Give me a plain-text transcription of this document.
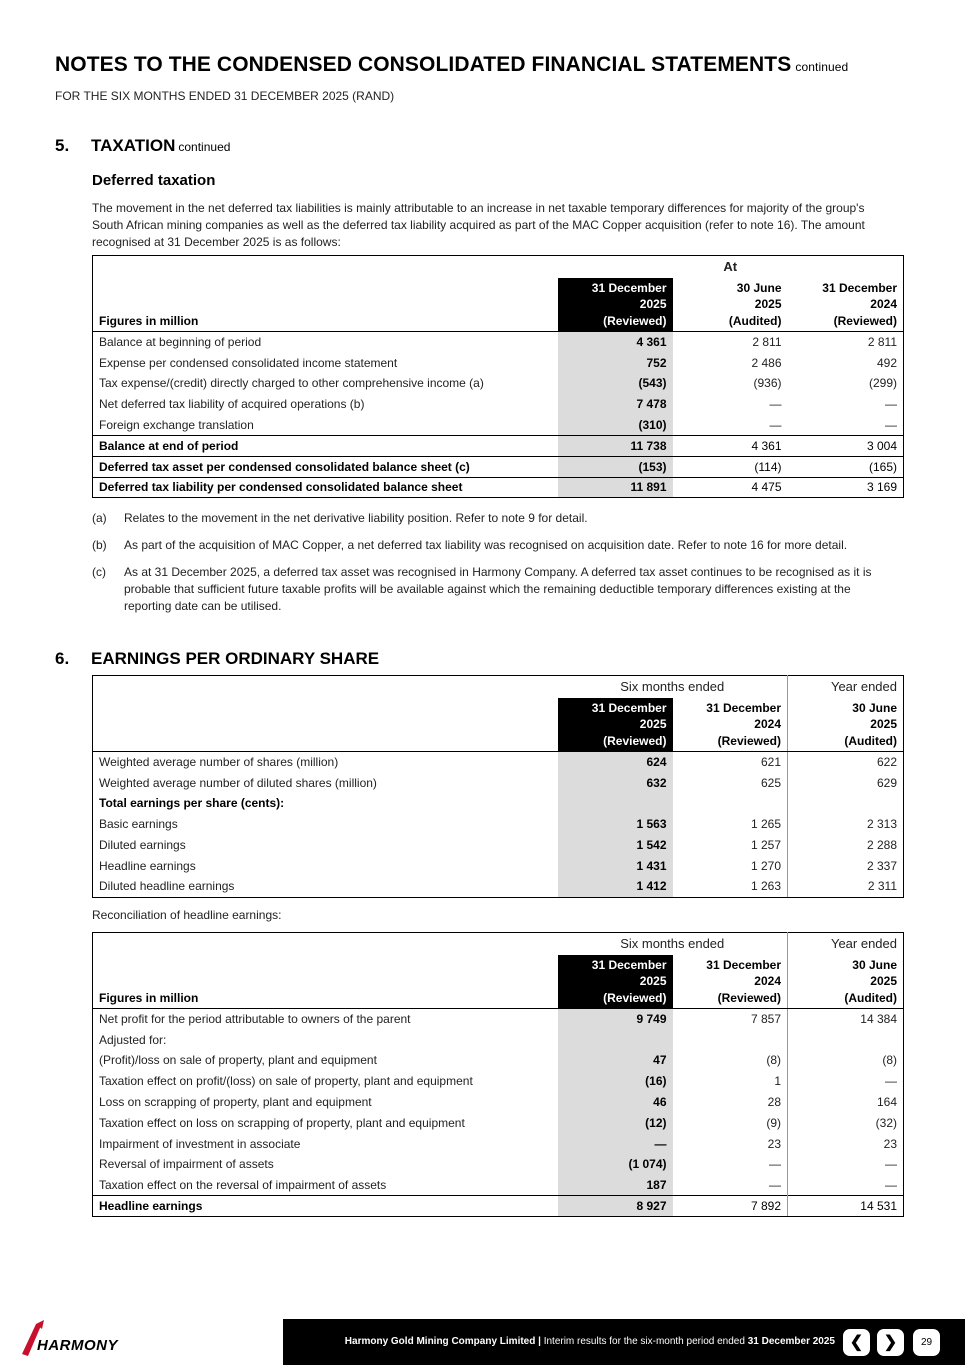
NOTES TO THE CONDENSED CONSOLIDATED FINANCIAL STATEMENTS continued
FOR THE SIX MONTHS ENDED 31 DECEMBER 2025 (RAND)
5. TAXATION continued
Deferred taxation
The movement in the net deferred tax liabilities is mainly attributable to an increase in net taxable temporary differences for majority of the group's South African mining companies as well as the deferred tax liability acquired as part of the MAC Copper acquisition (refer to note 16). The amount recognised at 31 December 2025 is as follows:
	At		
Figures in million	31 December
2025
(Reviewed)	30 June
2025
(Audited)	31 December
2024
(Reviewed)
Balance at beginning of period	4 361	2 811	2 811
Expense per condensed consolidated income statement	752	2 486	492
Tax expense/(credit) directly charged to other comprehensive income (a)	(543)	(936)	(299)
Net deferred tax liability of acquired operations (b)	7 478	—	—
Foreign exchange translation	(310)	—	—
Balance at end of period	11 738	4 361	3 004
Deferred tax asset per condensed consolidated balance sheet (c)	(153)	(114)	(165)
Deferred tax liability per condensed consolidated balance sheet	11 891	4 475	3 169
(a)	Relates to the movement in the net derivative liability position. Refer to note 9 for detail.
(b)	As part of the acquisition of MAC Copper, a net deferred tax liability was recognised on acquisition date. Refer to note 16 for more detail.
(c)	As at 31 December 2025, a deferred tax asset was recognised in Harmony Company. A deferred tax asset continues to be recognised as it is probable that sufficient future taxable profits will be available against which the remaining deductible temporary differences existing at the reporting date can be utilised.
6. EARNINGS PER ORDINARY SHARE
	Six months ended		Year ended
	31 December
2025
(Reviewed)	31 December
2024
(Reviewed)	30 June
2025
(Audited)
Weighted average number of shares (million)	624	621	622
Weighted average number of diluted shares (million)	632	625	629
Total earnings per share (cents):			
Basic earnings	1 563	1 265	2 313
Diluted earnings	1 542	1 257	2 288
Headline earnings	1 431	1 270	2 337
Diluted headline earnings	1 412	1 263	2 311
Reconciliation of headline earnings:
	Six months ended		Year ended
Figures in million	31 December
2025
(Reviewed)	31 December
2024
(Reviewed)	30 June
2025
(Audited)
Net profit for the period attributable to owners of the parent	9 749	7 857	14 384
Adjusted for:			
(Profit)/loss on sale of property, plant and equipment	47	(8)	(8)
Taxation effect on profit/(loss) on sale of property, plant and equipment	(16)	1	—
Loss on scrapping of property, plant and equipment	46	28	164
Taxation effect on loss on scrapping of property, plant and equipment	(12)	(9)	(32)
Impairment of investment in associate	—	23	23
Reversal of impairment of assets	(1 074)	—	—
Taxation effect on the reversal of impairment of assets	187	—	—
Headline earnings	8 927	7 892	14 531
HARMONY	Harmony Gold Mining Company Limited | Interim results for the six-month period ended 31 December 2025 ❮	❯	29
